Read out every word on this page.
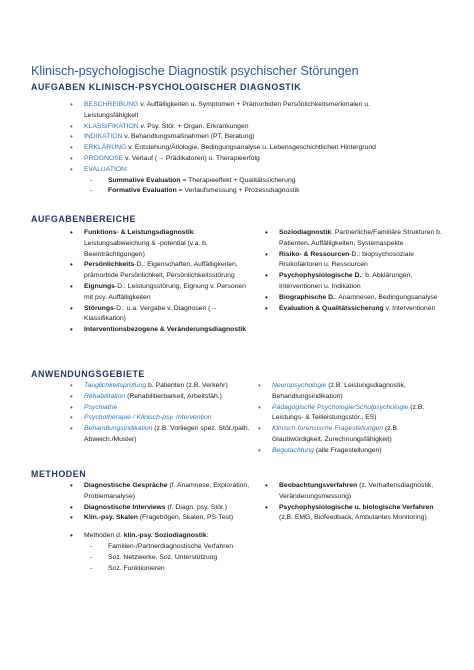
Klinisch-psychologische Diagnostik psychischer Störungen
AUFGABEN KLINISCH-PSYCHOLOGISCHER DIAGNOSTIK
• BESCHREIBUNG v. Auffälligkeiten u. Symptomen + Prämorbiden Persönlichkeitsmerkmalen u. Leistungsfähigkeit
• KLASSIFIKATION v. Psy. Stör. + Organ. Erkrankungen
• INDIKATION v. Behandlungsmaßnahmen (PT, Beratung)
• ERKLÄRUNG v. Entstehung/Ätiologie, Bedingungsanalyse u. Lebensgeschichtlichen Hintergrund
• PROGNOSE v. Verlauf (→ Prädikatoren) u. Therapieerfolg
• EVALUATION:
- Summative Evaluation = Therapieeffekt + Qualitätssicherung
- Formative Evaluation = Verlaufsmessung + Prozessdiagnostik
AUFGABENBEREICHE
• Funktions- & Leistungsdiagnostik: Leistungsabweichung & -potential (v.a. b. Beeinträchtigungen)
• Persönlichkeits-D.: Eigenschaften, Auffälligkeiten, prämorbide Persönlichkeit, Persönlichkeitsstörung
• Eignungs-D.: Leistungsstörung, Eignung v. Personen mit psy. Auffälligkeiten
• Störungs-D.: u.a. Vergabe v. Diagnosen (→ Klassifikation)
• Interventionsbezogene & Veränderungsdiagnostik
• Soziodiagnostik: Partnerliche/Familiäre Strukturen b. Patienten, Auffälligkeiten, Systemaspekte
• Risiko- & Ressourcen-D.: biopsychosoziale Risikofaktoren u. Ressourcen
• Psychophysiologische D.: b. Abklärungen, Interventionen u. Indikation
• Biographische D.: Anamnesen, Bedingungsanalyse
• Evaluation & Qualitätssicherung v. Interventionen
ANWENDUNGSGEBIETE
• Tauglichkeitsprüfung b. Patienten (z.B. Verkehr)
• Rehabilitation (Rehabilitierbarkeit, Arbeitsfäh.)
• Psychiatrie
• Psychotherapie / Klinisch-psy. Intervention
• Behandlungsindikation (z.B. Vorliegen spez. Stör./path. Abweich./Muster)
• Neuropsychologie (z.B. Leistungsdiagnostik, Behandlungsindikation)
• Pädagogische Psychologie/Schulpsychologie (z.B. Leistungs- & Teilleistungsstör., ES)
• Klinisch-forensische Fragestellungen (z.B. Glaubwürdigkeit, Zurechnungsfähigkeit)
• Begutachtung (alle Fragestellungen)
METHODEN
• Diagnostische Gespräche (f. Anamnese, Exploration, Problemanalyse)
• Diagnostische Interviews (f. Diagn. psy. Stör.)
• Klin.-psy. Skalen (Fragebögen, Skalen, PS-Test)
• Methoden d. klin.-psy. Soziodiagnostik:
- Familien-/Partnerdiagnostische Verfahren
- Soz. Netzwerke, Soz. Unterstützung
- Soz. Funktionieren
• Beobachtungsverfahren (z. Verhaltensdiagnostik, Veränderungsmessung)
• Psychophysiologische u. biologische Verfahren (z.B. EMG, Biofeedback, Ambulantes Monitoring)
